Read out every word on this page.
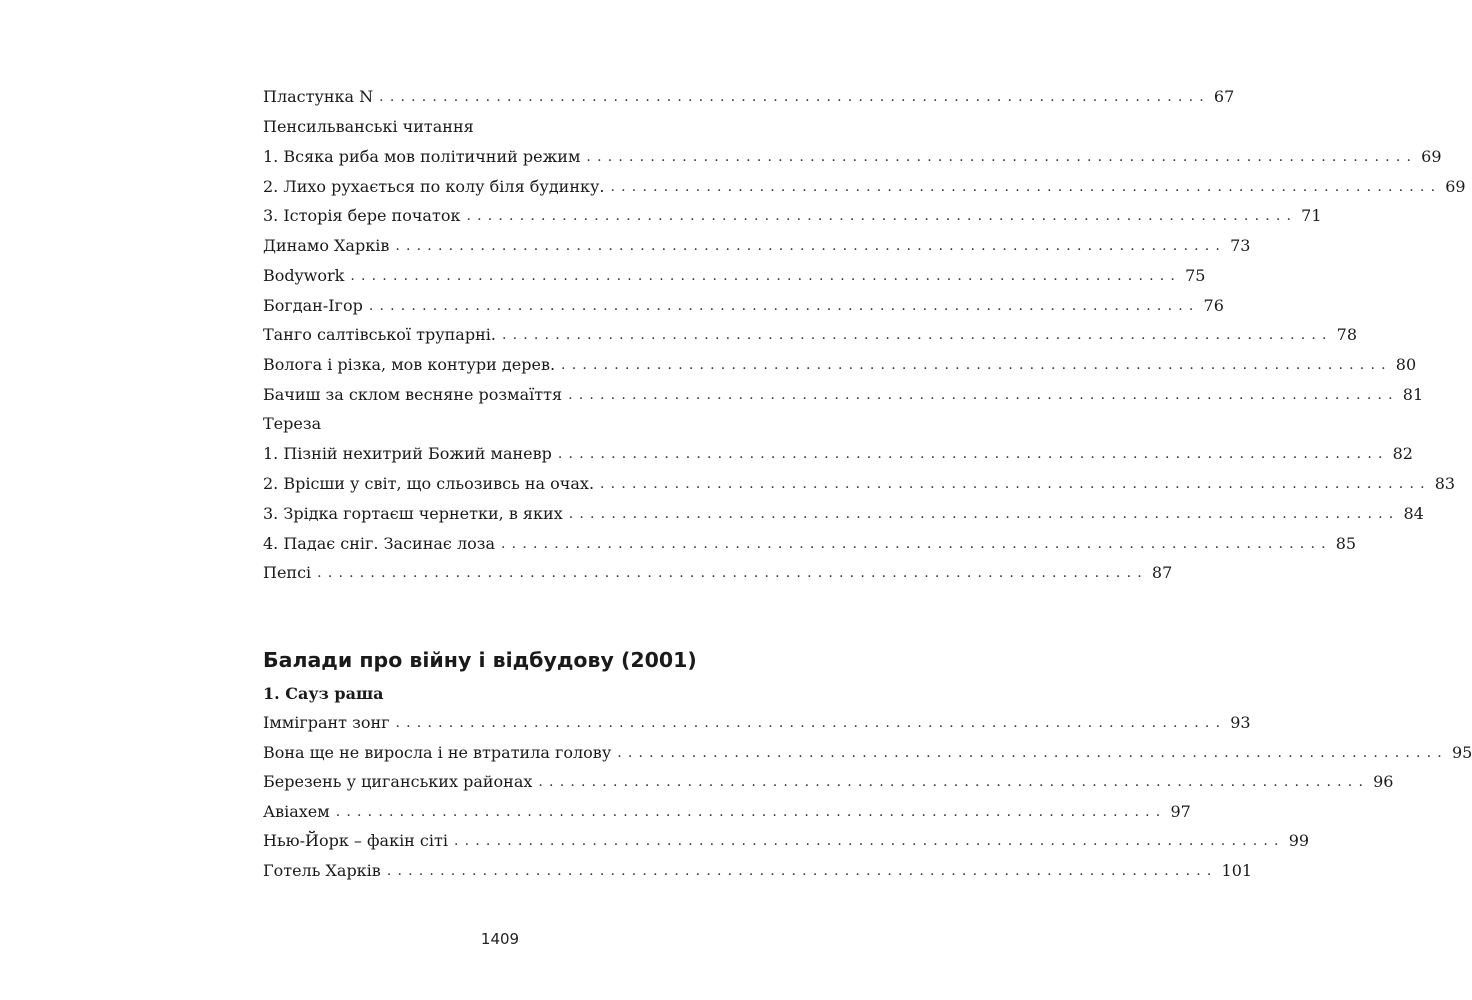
Пластунка N .............................................................................. 67
Пенсильванські читання
1. Всяка риба мов політичний режим .............................................................................. 69
2. Лихо рухається по колу біля будинку. .............................................................................. 69
3. Історія бере початок .............................................................................. 71
Динамо Харків .............................................................................. 73
Bodywork .............................................................................. 75
Богдан-Ігор .............................................................................. 76
Танго салтівської трупарні. .............................................................................. 78
Волога і різка, мов контури дерев. .............................................................................. 80
Бачиш за склом весняне розмаїття .............................................................................. 81
Тереза
1. Пізній нехитрий Божий маневр .............................................................................. 82
2. Врісши у світ, що сльозивсь на очах. .............................................................................. 83
3. Зрідка гортаєш чернетки, в яких .............................................................................. 84
4. Падає сніг. Засинає лоза .............................................................................. 85
Пепсі .............................................................................. 87
Іммігрант зонг .............................................................................. 93
Вона ще не виросла і не втратила голову .............................................................................. 95
Березень у циганських районах .............................................................................. 96
Авіахем .............................................................................. 97
Нью-Йорк – факін сіті .............................................................................. 99
Готель Харків .............................................................................. 101
Балади про війну і відбудову (2001)
1. Сауз раша
1409
